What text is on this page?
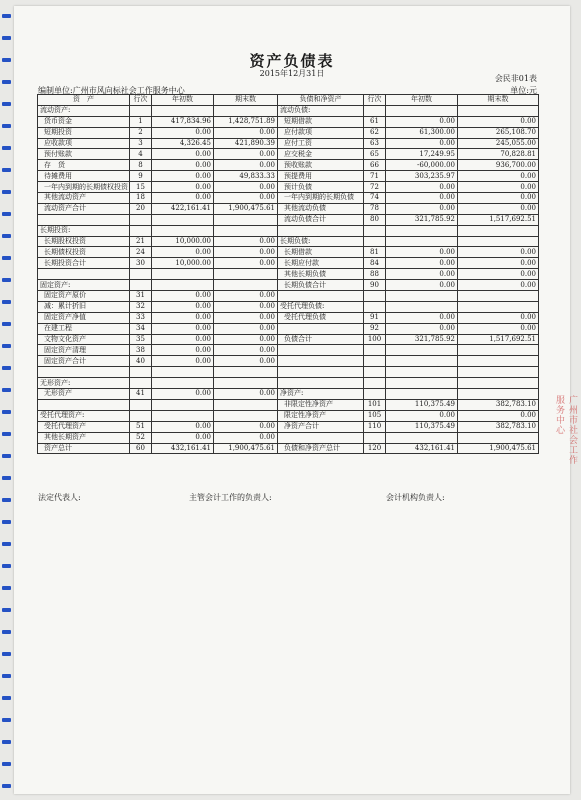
资产负债表
2015年12月31日
会民非01表
编制单位:广州市风向标社会工作服务中心	单位:元
资　产	行次	年初数	期末数	负债和净资产	行次	年初数	期末数
流动资产:				流动负债:			
货币资金	1	417,834.96	1,428,751.89	短期借款	61	0.00	0.00
短期投资	2	0.00	0.00	应付款项	62	61,300.00	265,108.70
应收款项	3	4,326.45	421,890.39	应付工资	63	0.00	245,055.00
预付账款	4	0.00	0.00	应交税金	65	17,249.95	70,828.81
存　货	8	0.00	0.00	预收账款	66	-60,000.00	936,700.00
待摊费用	9	0.00	49,833.33	预提费用	71	303,235.97	0.00
一年内到期的长期债权投资	15	0.00	0.00	预计负债	72	0.00	0.00
其他流动资产	18	0.00	0.00	一年内到期的长期负债	74	0.00	0.00
流动资产合计	20	422,161.41	1,900,475.61	其他流动负债	78	0.00	0.00
				流动负债合计	80	321,785.92	1,517,692.51
长期投资:							
长期股权投资	21	10,000.00	0.00	长期负债:			
长期债权投资	24	0.00	0.00	长期借款	81	0.00	0.00
长期投资合计	30	10,000.00	0.00	长期应付款	84	0.00	0.00
				其他长期负债	88	0.00	0.00
固定资产:				长期负债合计	90	0.00	0.00
固定资产原价	31	0.00	0.00				
减：累计折旧	32	0.00	0.00	受托代理负债:			
固定资产净值	33	0.00	0.00	受托代理负债	91	0.00	0.00
在建工程	34	0.00	0.00		92	0.00	0.00
文物文化资产	35	0.00	0.00	负债合计	100	321,785.92	1,517,692.51
固定资产清理	38	0.00	0.00				
固定资产合计	40	0.00	0.00				

无形资产:							
无形资产	41	0.00	0.00	净资产:			
				非限定性净资产	101	110,375.49	382,783.10
受托代理资产:				限定性净资产	105	0.00	0.00
受托代理资产	51	0.00	0.00	净资产合计	110	110,375.49	382,783.10
其他长期资产	52	0.00	0.00				
资产总计	60	432,161.41	1,900,475.61	负债和净资产总计	120	432,161.41	1,900,475.61
法定代表人:	主管会计工作的负责人:	会计机构负责人:
广州市社会工作服务中心
